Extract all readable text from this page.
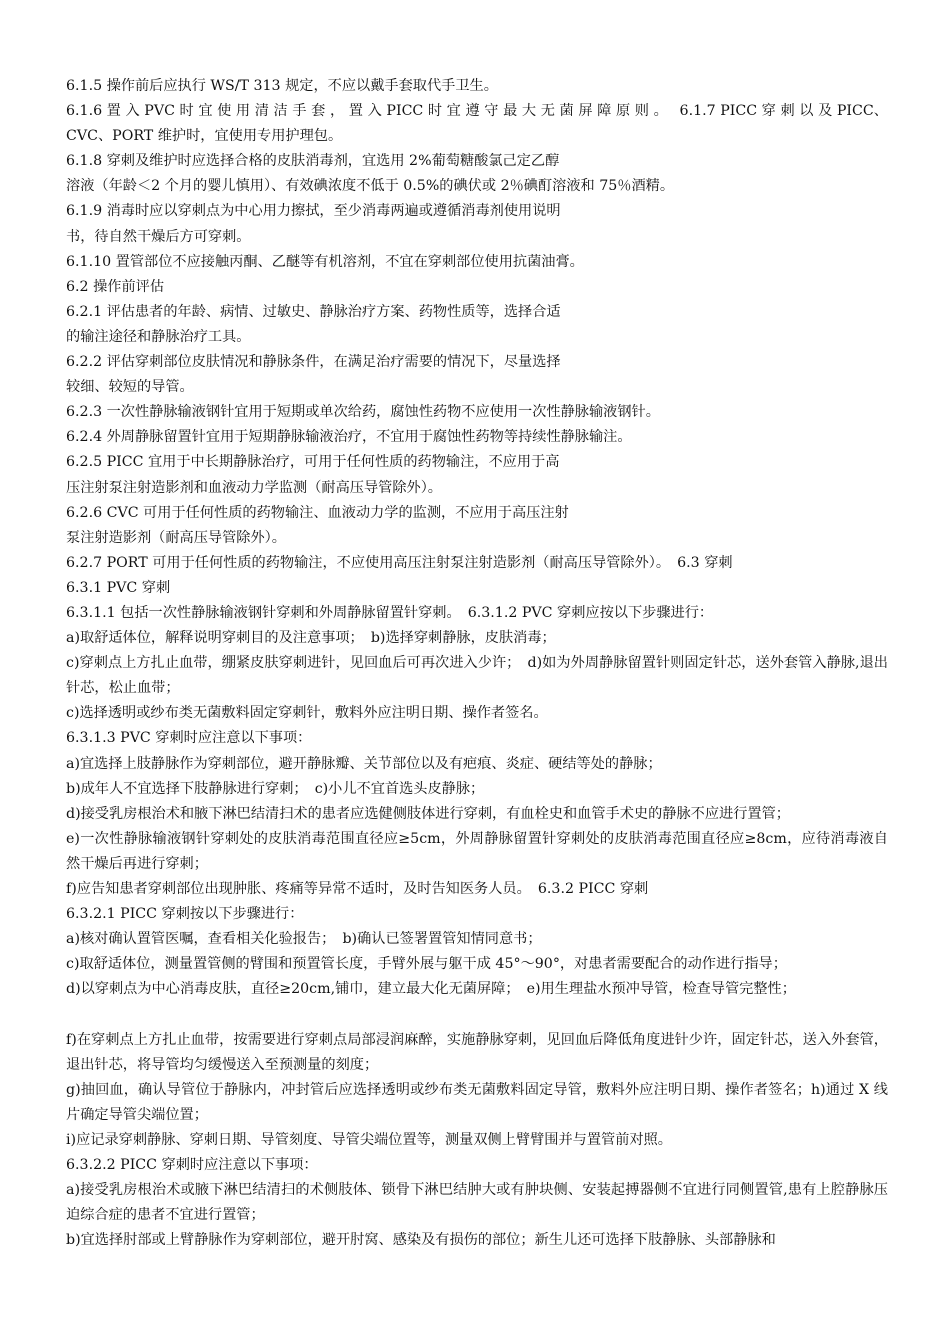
6.1.5 操作前后应执行 WS/T 313 规定，不应以戴手套取代手卫生。

6.1.6 置 入 PVC 时 宜 使 用 清 洁 手 套 ， 置 入 PICC 时 宜 遵 守 最 大 无 菌 屏 障 原 则 。　 6.1.7 PICC 穿 刺 以 及 PICC、CVC、PORT 维护时，宜使用专用护理包。

6.1.8 穿刺及维护时应选择合格的皮肤消毒剂，宜选用 2%葡萄糖酸氯己定乙醇

溶液（年龄＜2 个月的婴儿慎用）、有效碘浓度不低于 0.5%的碘伏或 2％碘酊溶液和 75％酒精。

6.1.9 消毒时应以穿刺点为中心用力擦拭，至少消毒两遍或遵循消毒剂使用说明

书，待自然干燥后方可穿刺。

6.1.10 置管部位不应接触丙酮、乙醚等有机溶剂，不宜在穿刺部位使用抗菌油膏。

6.2 操作前评估

6.2.1 评估患者的年龄、病情、过敏史、静脉治疗方案、药物性质等，选择合适

的输注途径和静脉治疗工具。

6.2.2 评估穿刺部位皮肤情况和静脉条件，在满足治疗需要的情况下，尽量选择

较细、较短的导管。

6.2.3 一次性静脉输液钢针宜用于短期或单次给药，腐蚀性药物不应使用一次性静脉输液钢针。

6.2.4 外周静脉留置针宜用于短期静脉输液治疗，不宜用于腐蚀性药物等持续性静脉输注。

6.2.5 PICC 宜用于中长期静脉治疗，可用于任何性质的药物输注，不应用于高

压注射泵注射造影剂和血液动力学监测（耐高压导管除外）。

6.2.6 CVC 可用于任何性质的药物输注、血液动力学的监测，不应用于高压注射

泵注射造影剂（耐高压导管除外）。

6.2.7 PORT 可用于任何性质的药物输注，不应使用高压注射泵注射造影剂（耐高压导管除外）。　6.3 穿刺

6.3.1 PVC 穿刺

6.3.1.1 包括一次性静脉输液钢针穿刺和外周静脉留置针穿刺。　6.3.1.2 PVC 穿刺应按以下步骤进行：

a)取舒适体位，解释说明穿刺目的及注意事项；　b)选择穿刺静脉，皮肤消毒；

c)穿刺点上方扎止血带，绷紧皮肤穿刺进针，见回血后可再次进入少许；　d)如为外周静脉留置针则固定针芯，送外套管入静脉,退出针芯，松止血带；

c)选择透明或纱布类无菌敷料固定穿刺针，敷料外应注明日期、操作者签名。

6.3.1.3 PVC 穿刺时应注意以下事项：

a)宜选择上肢静脉作为穿刺部位，避开静脉瓣、关节部位以及有疤痕、炎症、硬结等处的静脉；

b)成年人不宜选择下肢静脉进行穿刺；　c)小儿不宜首选头皮静脉；

d)接受乳房根治术和腋下淋巴结清扫术的患者应选健侧肢体进行穿刺，有血栓史和血管手术史的静脉不应进行置管；

e)一次性静脉输液钢针穿刺处的皮肤消毒范围直径应≥5cm，外周静脉留置针穿刺处的皮肤消毒范围直径应≥8cm，应待消毒液自然干燥后再进行穿刺；

f)应告知患者穿刺部位出现肿胀、疼痛等异常不适时，及时告知医务人员。　6.3.2 PICC 穿刺

6.3.2.1 PICC 穿刺按以下步骤进行：

a)核对确认置管医嘱，查看相关化验报告；　b)确认已签署置管知情同意书；

c)取舒适体位，测量置管侧的臂围和预置管长度，手臂外展与躯干成 45°～90°，对患者需要配合的动作进行指导；

d)以穿刺点为中心消毒皮肤，直径≥20cm,铺巾，建立最大化无菌屏障；　e)用生理盐水预冲导管，检查导管完整性；

f)在穿刺点上方扎止血带，按需要进行穿刺点局部浸润麻醉，实施静脉穿刺，见回血后降低角度进针少许，固定针芯，送入外套管，退出针芯，将导管均匀缓慢送入至预测量的刻度；

g)抽回血，确认导管位于静脉内，冲封管后应选择透明或纱布类无菌敷料固定导管，敷料外应注明日期、操作者签名；h)通过 X 线片确定导管尖端位置；

i)应记录穿刺静脉、穿刺日期、导管刻度、导管尖端位置等，测量双侧上臂臂围并与置管前对照。

6.3.2.2 PICC 穿刺时应注意以下事项：

a)接受乳房根治术或腋下淋巴结清扫的术侧肢体、锁骨下淋巴结肿大或有肿块侧、安装起搏器侧不宜进行同侧置管,患有上腔静脉压迫综合症的患者不宜进行置管；

b)宜选择肘部或上臂静脉作为穿刺部位，避开肘窝、感染及有损伤的部位；新生儿还可选择下肢静脉、头部静脉和
